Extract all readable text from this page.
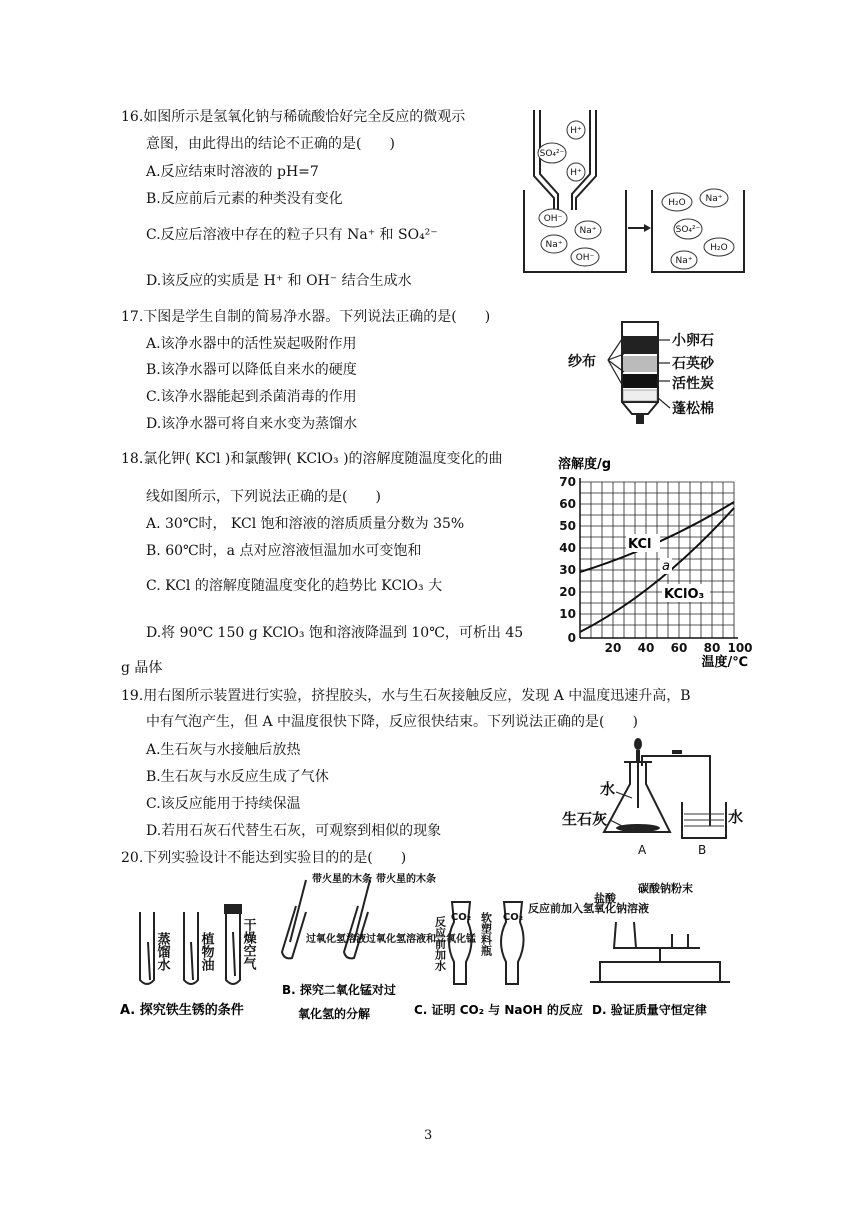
16.如图所示是氢氧化钠与稀硫酸恰好完全反应的微观示
意图，由此得出的结论不正确的是(　　)
A.反应结束时溶液的 pH=7
B.反应前后元素的种类没有变化
C.反应后溶液中存在的粒子只有 Na⁺ 和 SO₄²⁻
D.该反应的实质是 H⁺ 和 OH⁻ 结合生成水
H⁺
SO₄²⁻
H⁺
OH⁻
Na⁺
Na⁺
OH⁻
H₂O Na⁺
SO₄²⁻
H₂O
Na⁺
17.下图是学生自制的简易净水器。下列说法正确的是(　　)
A.该净水器中的活性炭起吸附作用
B.该净水器可以降低自来水的硬度
C.该净水器能起到杀菌消毒的作用
D.该净水器可将自来水变为蒸馏水
纱布
小卵石
石英砂
活性炭
蓬松棉
18.氯化钾( KCl )和氯酸钾( KClO₃ )的溶解度随温度变化的曲
线如图所示，下列说法正确的是(　　)
A. 30℃时， KCl 饱和溶液的溶质质量分数为 35%
B. 60℃时，a 点对应溶液恒温加水可变饱和
C. KCl 的溶解度随温度变化的趋势比 KClO₃ 大
D.将 90℃ 150 g KClO₃ 饱和溶液降温到 10℃，可析出 45
g 晶体
溶解度/g
70
60
50
40
30
20
10
0
20 40 60 80 100
温度/℃
KCl
a
KClO₃
19.用右图所示装置进行实验，挤捏胶头，水与生石灰接触反应，发现 A 中温度迅速升高，B
中有气泡产生，但 A 中温度很快下降，反应很快结束。下列说法正确的是(　　)
A.生石灰与水接触后放热
B.生石灰与水反应生成了气休
C.该反应能用于持续保温
D.若用石灰石代替生石灰，可观察到相似的现象
水
生石灰	水
A	B
20.下列实验设计不能达到实验目的的是(　　)
蒸馏水 植物油 干燥空气
A. 探究铁生锈的条件
带火星的木条 带火星的木条
过氧化氢溶液 过氧化氢溶液和二氧化锰
B. 探究二氧化锰对过
氧化氢的分解
CO₂	CO₂
反应前加水	软塑料瓶
反应前加入氢氧化钠溶液
C. 证明 CO₂ 与 NaOH 的反应
盐酸
碳酸钠粉末
D. 验证质量守恒定律
3
